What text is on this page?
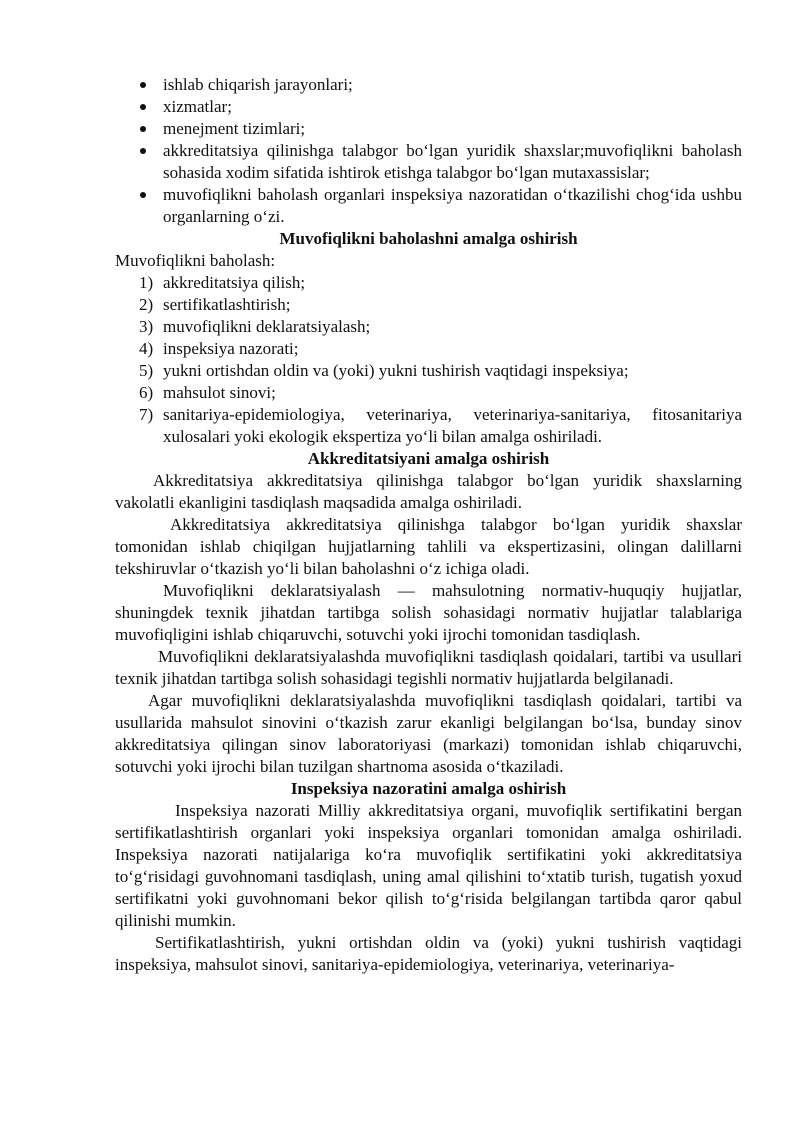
ishlab chiqarish jarayonlari;
xizmatlar;
menejment tizimlari;
akkreditatsiya qilinishga talabgor bo‘lgan yuridik shaxslar;muvofiqlikni baholash sohasida xodim sifatida ishtirok etishga talabgor bo‘lgan mutaxassislar;
muvofiqlikni baholash organlari inspeksiya nazoratidan o‘tkazilishi chog‘ida ushbu organlarning o‘zi.
Muvofiqlikni baholashni amalga oshirish

Muvofiqlikni baholash:

1) akkreditatsiya qilish;
2) sertifikatlashtirish;
3) muvofiqlikni deklaratsiyalash;
4) inspeksiya nazorati;
5) yukni ortishdan oldin va (yoki) yukni tushirish vaqtidagi inspeksiya;
6) mahsulot sinovi;
7) sanitariya-epidemiologiya, veterinariya, veterinariya-sanitariya, fitosanitariya xulosalari yoki ekologik ekspertiza yo‘li bilan amalga oshiriladi.
Akkreditatsiyani amalga oshirish

Akkreditatsiya akkreditatsiya qilinishga talabgor bo‘lgan yuridik shaxslarning vakolatli ekanligini tasdiqlash maqsadida amalga oshiriladi.

Akkreditatsiya akkreditatsiya qilinishga talabgor bo‘lgan yuridik shaxslar tomonidan ishlab chiqilgan hujjatlarning tahlili va ekspertizasini, olingan dalillarni tekshiruvlar o‘tkazish yo‘li bilan baholashni o‘z ichiga oladi.

Muvofiqlikni deklaratsiyalash — mahsulotning normativ-huquqiy hujjatlar, shuningdek texnik jihatdan tartibga solish sohasidagi normativ hujjatlar talablariga muvofiqligini ishlab chiqaruvchi, sotuvchi yoki ijrochi tomonidan tasdiqlash.

Muvofiqlikni deklaratsiyalashda muvofiqlikni tasdiqlash qoidalari, tartibi va usullari texnik jihatdan tartibga solish sohasidagi tegishli normativ hujjatlarda belgilanadi.

Agar muvofiqlikni deklaratsiyalashda muvofiqlikni tasdiqlash qoidalari, tartibi va usullarida mahsulot sinovini o‘tkazish zarur ekanligi belgilangan bo‘lsa, bunday sinov akkreditatsiya qilingan sinov laboratoriyasi (markazi) tomonidan ishlab chiqaruvchi, sotuvchi yoki ijrochi bilan tuzilgan shartnoma asosida o‘tkaziladi.

Inspeksiya nazoratini amalga oshirish

Inspeksiya nazorati Milliy akkreditatsiya organi, muvofiqlik sertifikatini bergan sertifikatlashtirish organlari yoki inspeksiya organlari tomonidan amalga oshiriladi. Inspeksiya nazorati natijalariga ko‘ra muvofiqlik sertifikatini yoki akkreditatsiya to‘g‘risidagi guvohnomani tasdiqlash, uning amal qilishini to‘xtatib turish, tugatish yoxud sertifikatni yoki guvohnomani bekor qilish to‘g‘risida belgilangan tartibda qaror qabul qilinishi mumkin.

Sertifikatlashtirish, yukni ortishdan oldin va (yoki) yukni tushirish vaqtidagi inspeksiya, mahsulot sinovi, sanitariya-epidemiologiya, veterinariya, veterinariya-
